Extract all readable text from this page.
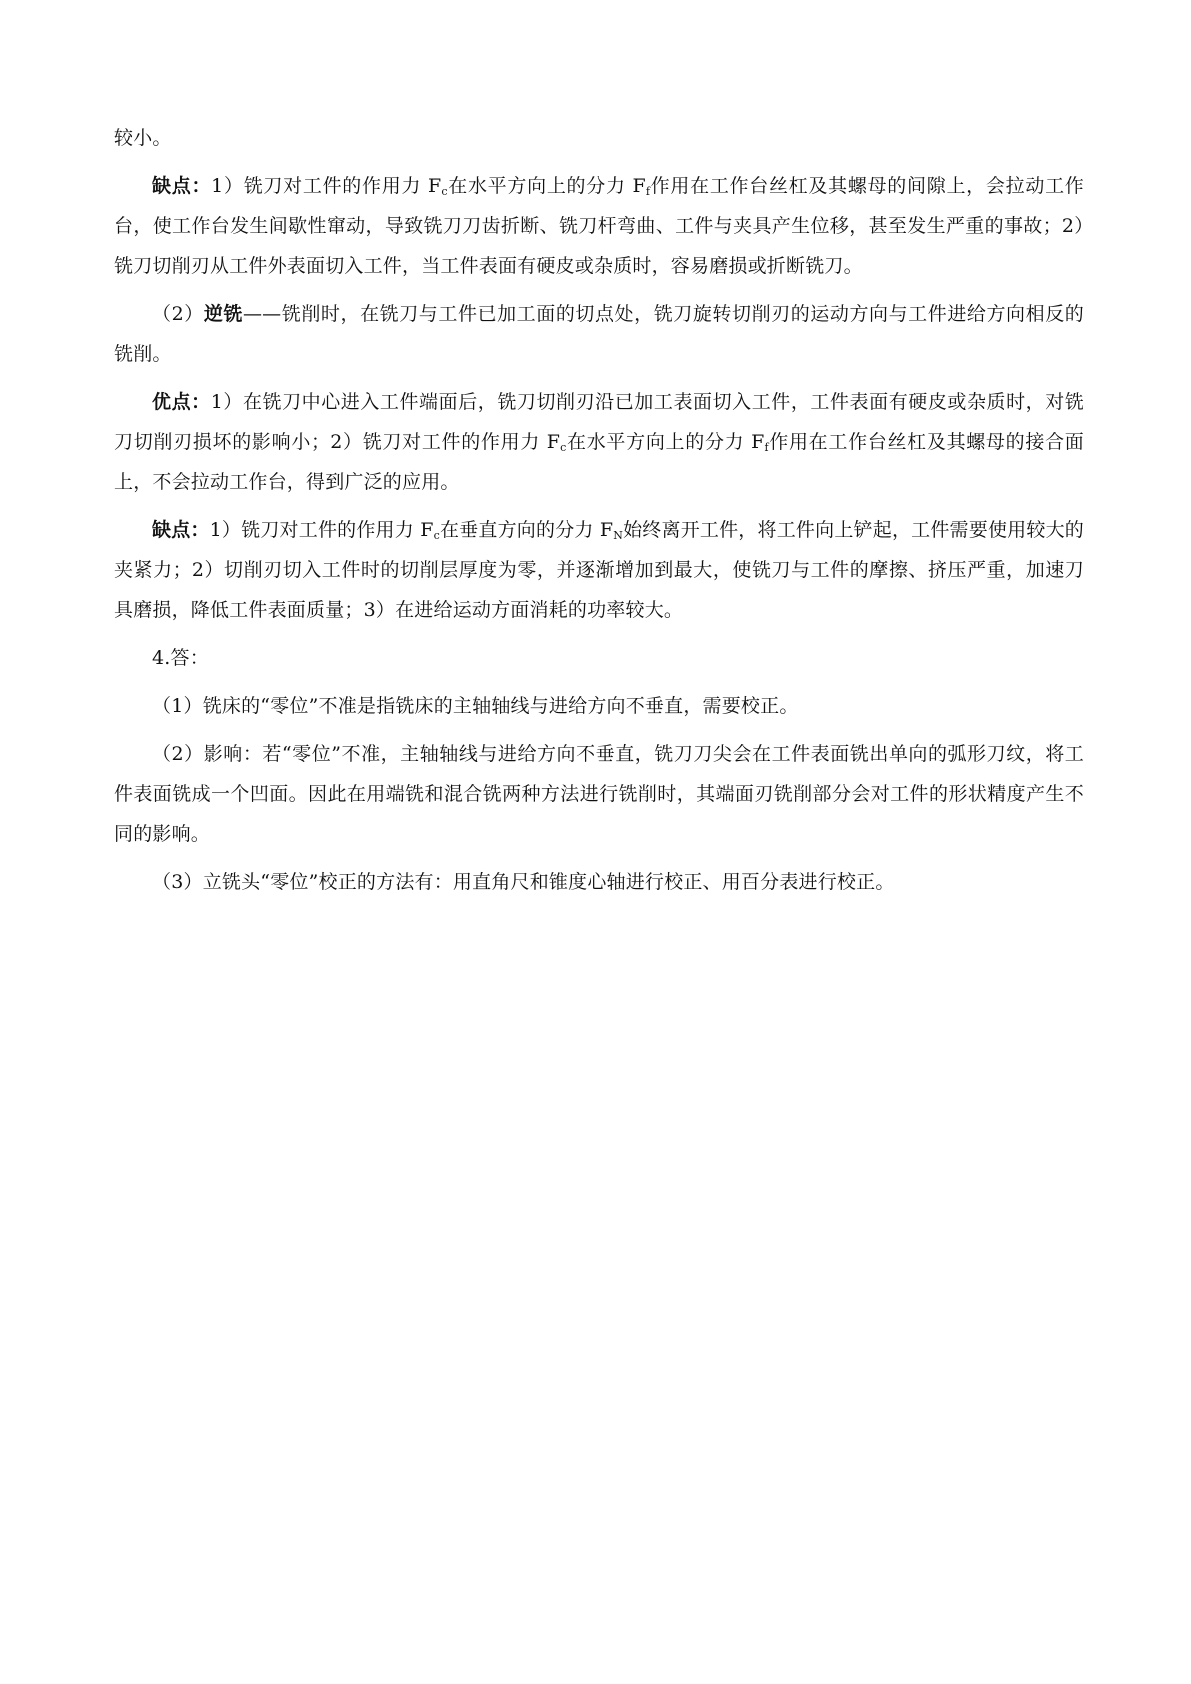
较小。

缺点：1）铣刀对工件的作用力 $F_c$在水平方向上的分力 $F_f$作用在工作台丝杠及其螺母的间隙上，会拉动工作台，使工作台发生间歇性窜动，导致铣刀刀齿折断、铣刀杆弯曲、工件与夹具产生位移，甚至发生严重的事故；2）铣刀切削刃从工件外表面切入工件，当工件表面有硬皮或杂质时，容易磨损或折断铣刀。

（2）逆铣——铣削时，在铣刀与工件已加工面的切点处，铣刀旋转切削刃的运动方向与工件进给方向相反的铣削。

优点：1）在铣刀中心进入工件端面后，铣刀切削刃沿已加工表面切入工件，工件表面有硬皮或杂质时，对铣刀切削刃损坏的影响小；2）铣刀对工件的作用力 $F_c$在水平方向上的分力 $F_f$作用在工作台丝杠及其螺母的接合面上，不会拉动工作台，得到广泛的应用。

缺点：1）铣刀对工件的作用力 $F_c$在垂直方向的分力 $F_N$始终离开工件，将工件向上铲起，工件需要使用较大的夹紧力；2）切削刃切入工件时的切削层厚度为零，并逐渐增加到最大，使铣刀与工件的摩擦、挤压严重，加速刀具磨损，降低工件表面质量；3）在进给运动方面消耗的功率较大。

4.答：

（1）铣床的“零位”不准是指铣床的主轴轴线与进给方向不垂直，需要校正。

（2）影响：若“零位”不准，主轴轴线与进给方向不垂直，铣刀刀尖会在工件表面铣出单向的弧形刀纹，将工件表面铣成一个凹面。因此在用端铣和混合铣两种方法进行铣削时，其端面刃铣削部分会对工件的形状精度产生不同的影响。

（3）立铣头“零位”校正的方法有：用直角尺和锥度心轴进行校正、用百分表进行校正。
